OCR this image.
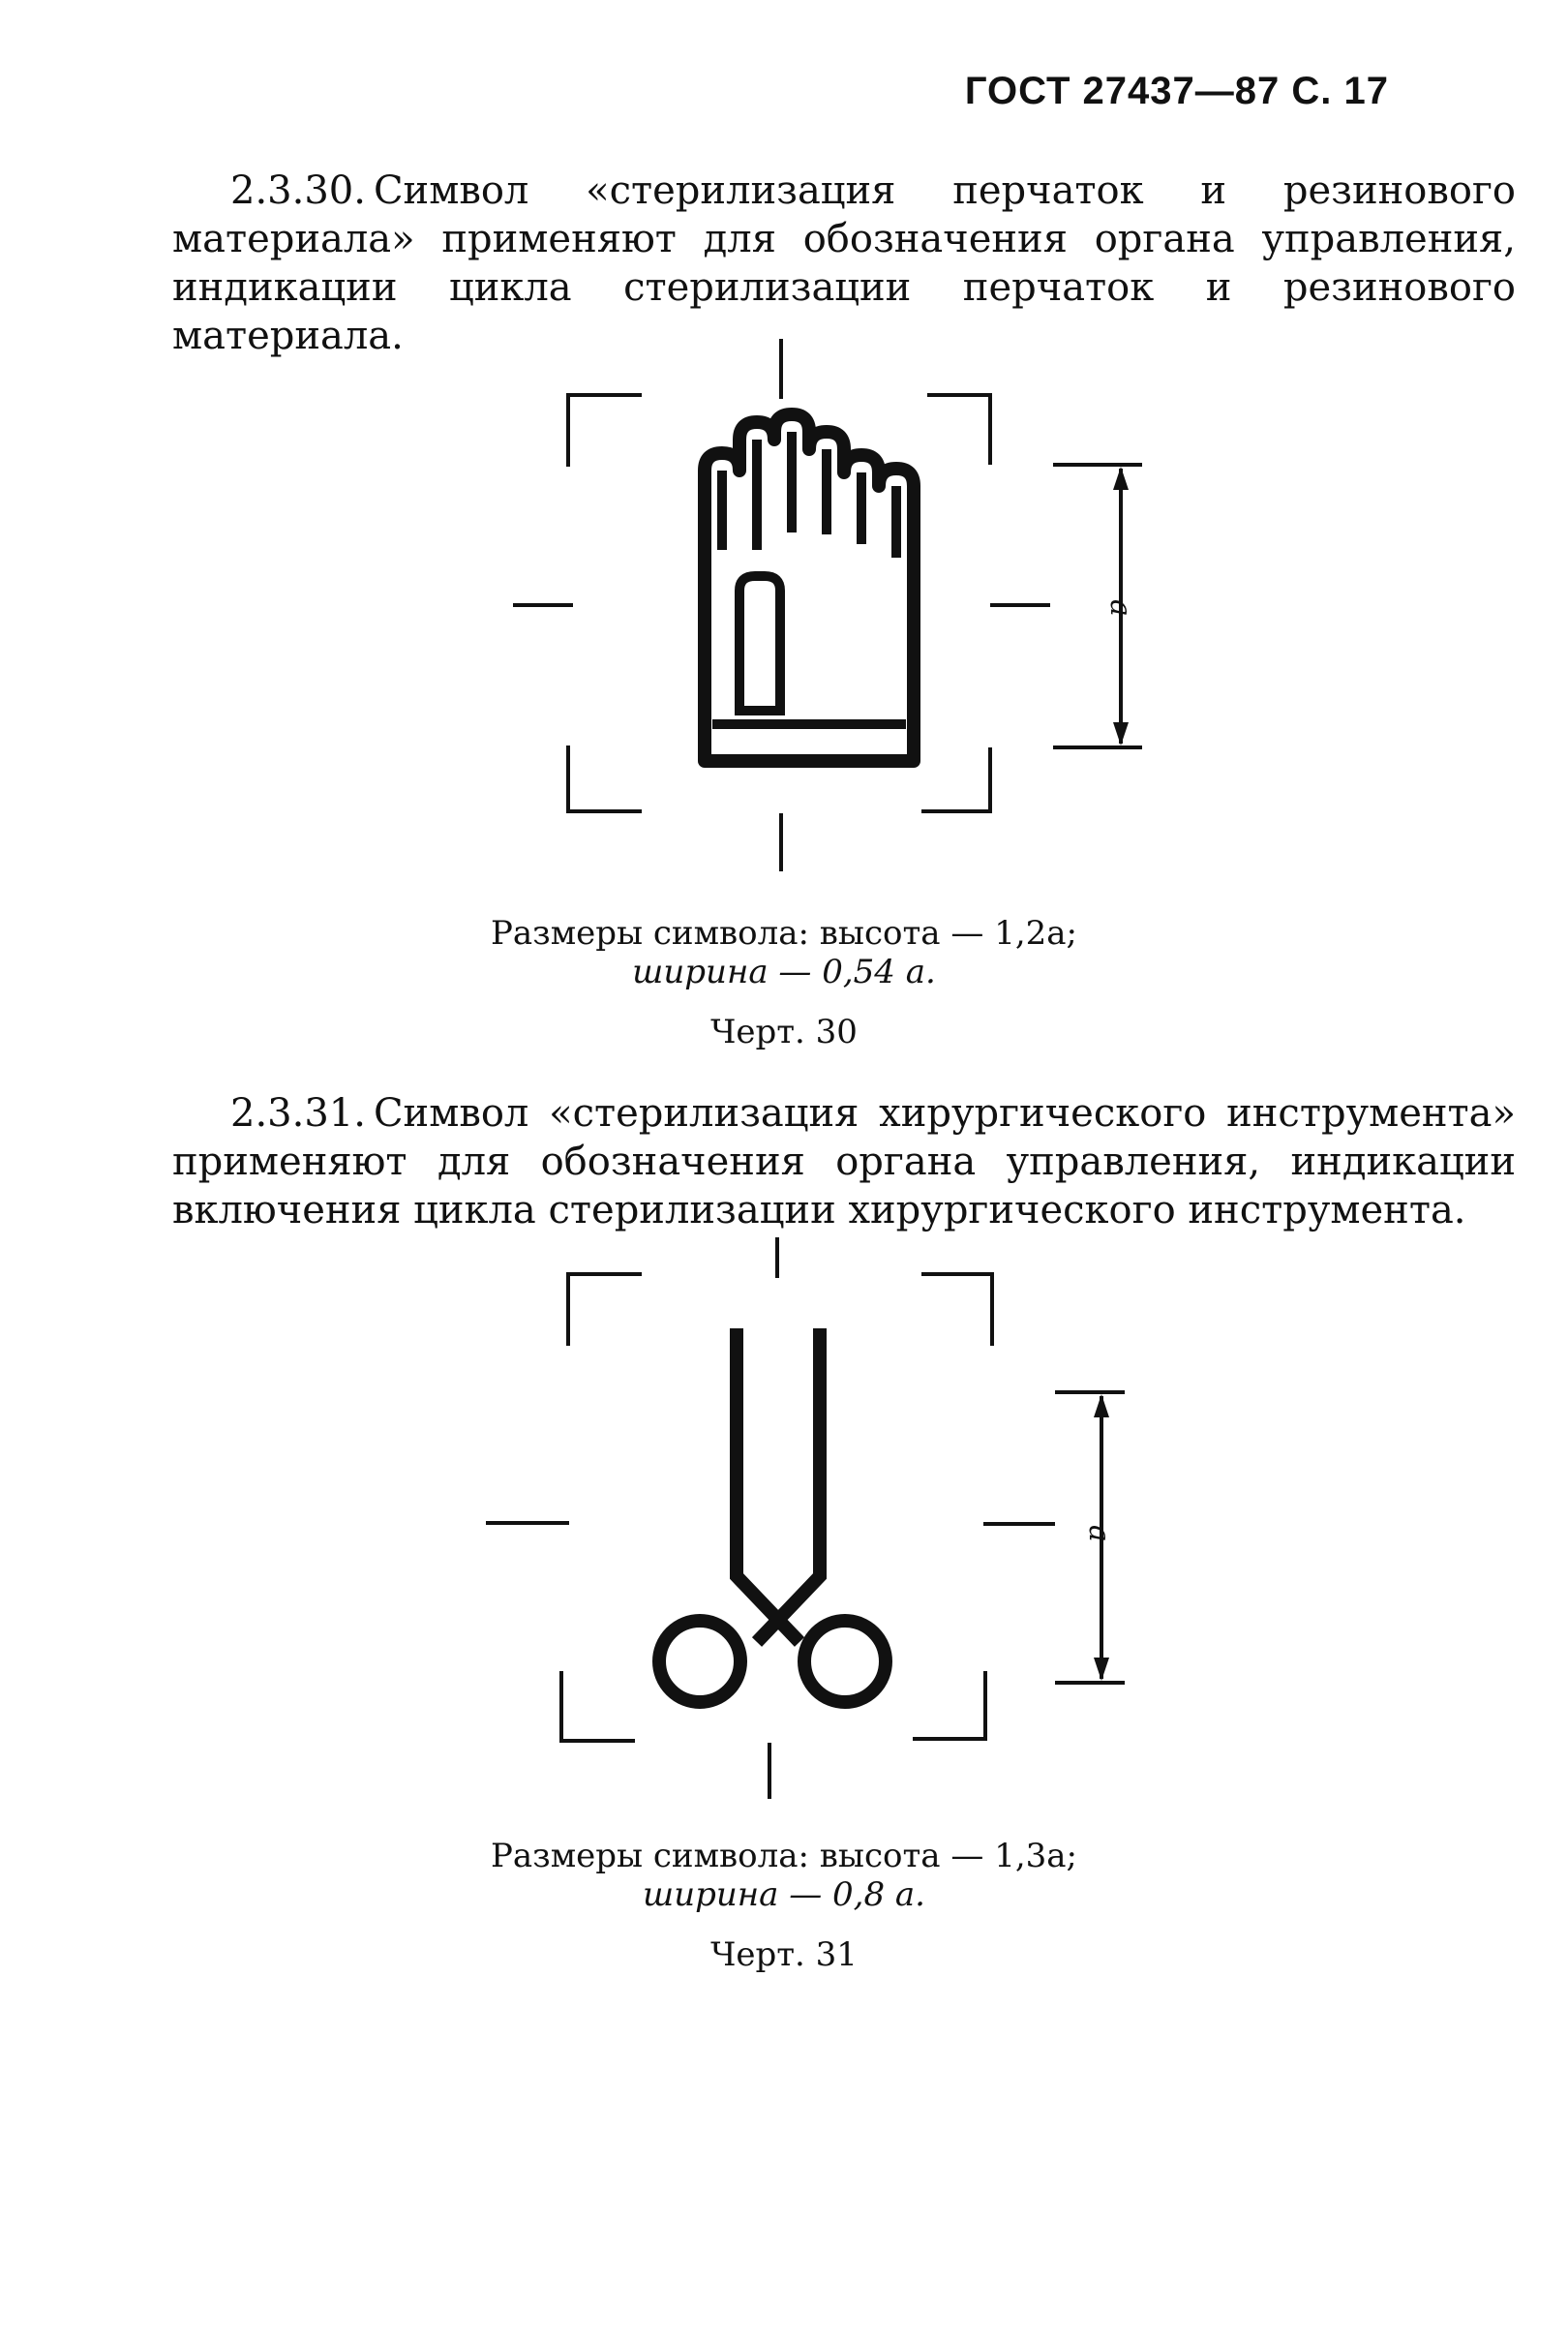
ГОСТ 27437—87 С. 17

2.3.30. Символ «стерилизация перчаток и резинового материала» применяют для обозначения органа управления, индикации цикла стерилизации перчаток и резинового материала.

a
Размеры символа: высота — 1,2a;
ширина — 0,54 a.
Черт. 30

2.3.31. Символ «стерилизация хирургического инструмента» применяют для обозначения органа управления, индикации включения цикла стерилизации хирургического инструмента.

a
Размеры символа: высота — 1,3a;
ширина — 0,8 a.
Черт. 31
